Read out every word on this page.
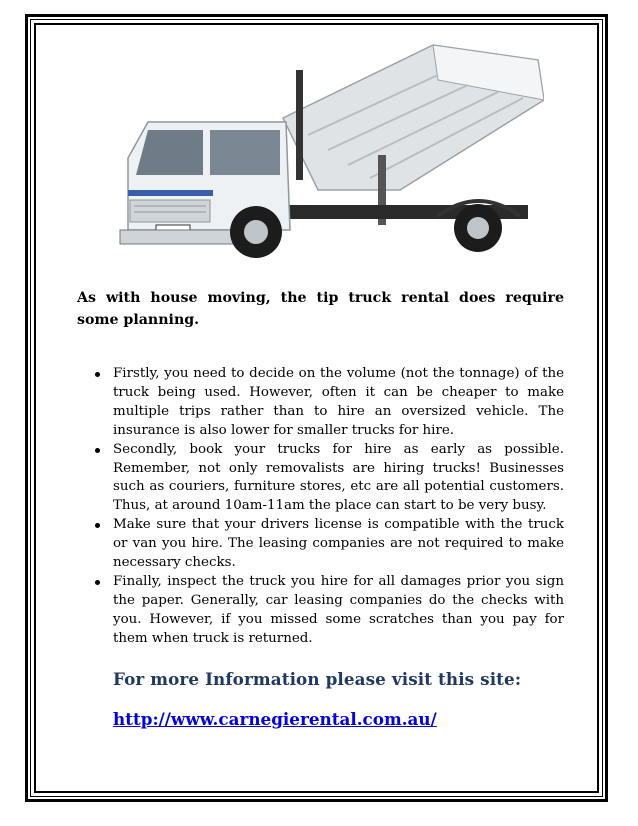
As with house moving, the tip truck rental does require some planning.

Firstly, you need to decide on the volume (not the tonnage) of the truck being used. However, often it can be cheaper to make multiple trips rather than to hire an oversized vehicle. The insurance is also lower for smaller trucks for hire.
Secondly, book your trucks for hire as early as possible. Remember, not only removalists are hiring trucks! Businesses such as couriers, furniture stores, etc are all potential customers. Thus, at around 10am-11am the place can start to be very busy.
Make sure that your drivers license is compatible with the truck or van you hire. The leasing companies are not required to make necessary checks.
Finally, inspect the truck you hire for all damages prior you sign the paper. Generally, car leasing companies do the checks with you. However, if you missed some scratches than you pay for them when truck is returned.
For more Information please visit this site:
http://www.carnegierental.com.au/
